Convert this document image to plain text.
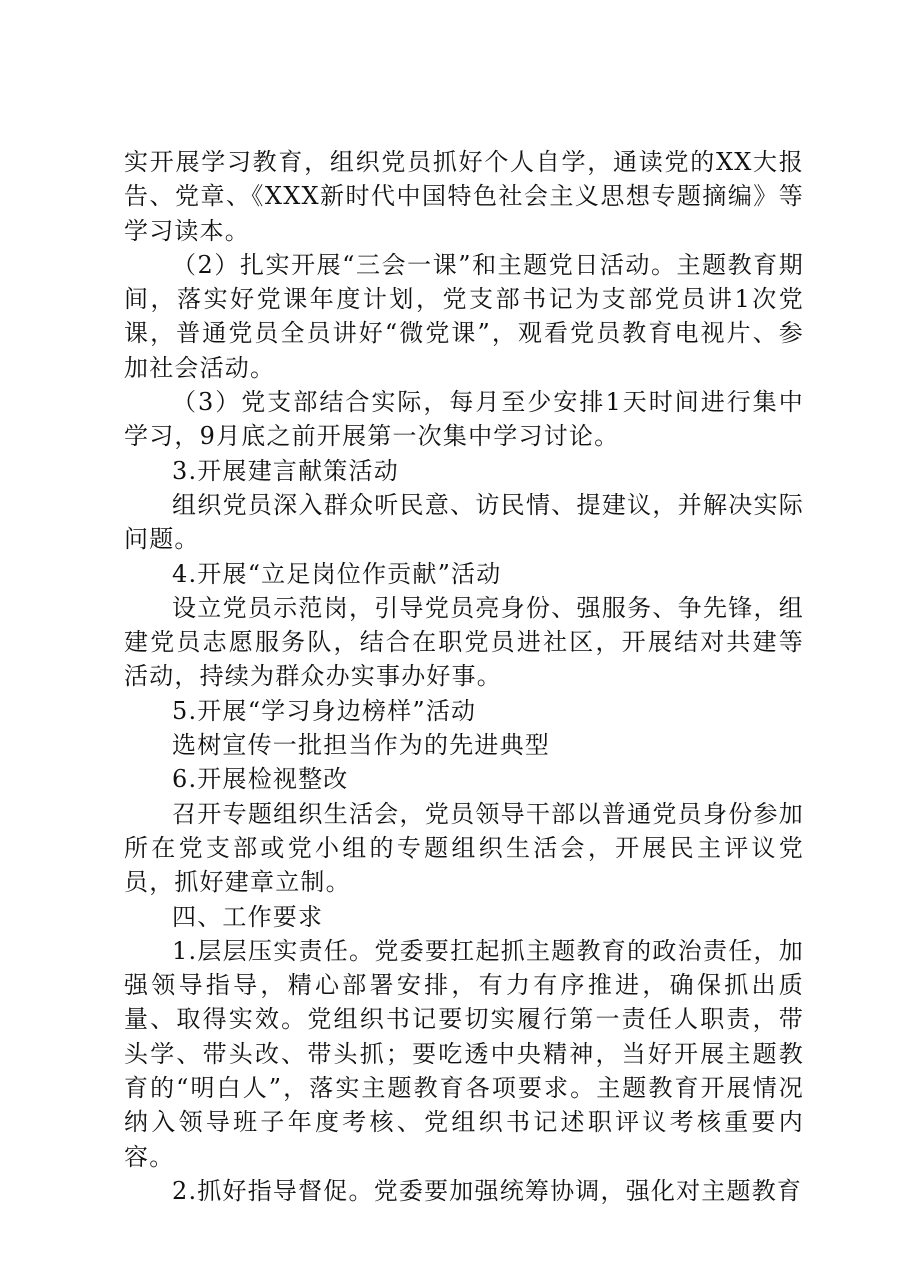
实开展学习教育，组织党员抓好个人自学，通读党的XX大报告、党章、《XXX新时代中国特色社会主义思想专题摘编》等学习读本。

（2）扎实开展“三会一课”和主题党日活动。主题教育期间，落实好党课年度计划，党支部书记为支部党员讲1次党课，普通党员全员讲好“微党课”，观看党员教育电视片、参加社会活动。

（3）党支部结合实际，每月至少安排1天时间进行集中学习，9月底之前开展第一次集中学习讨论。

3.开展建言献策活动

组织党员深入群众听民意、访民情、提建议，并解决实际问题。

4.开展“立足岗位作贡献”活动

设立党员示范岗，引导党员亮身份、强服务、争先锋，组建党员志愿服务队，结合在职党员进社区，开展结对共建等活动，持续为群众办实事办好事。

5.开展“学习身边榜样”活动

选树宣传一批担当作为的先进典型

6.开展检视整改

召开专题组织生活会，党员领导干部以普通党员身份参加所在党支部或党小组的专题组织生活会，开展民主评议党员，抓好建章立制。

四、工作要求

1.层层压实责任。党委要扛起抓主题教育的政治责任，加强领导指导，精心部署安排，有力有序推进，确保抓出质量、取得实效。党组织书记要切实履行第一责任人职责，带头学、带头改、带头抓；要吃透中央精神，当好开展主题教育的“明白人”，落实主题教育各项要求。主题教育开展情况纳入领导班子年度考核、党组织书记述职评议考核重要内容。

2.抓好指导督促。党委要加强统筹协调，强化对主题教育
